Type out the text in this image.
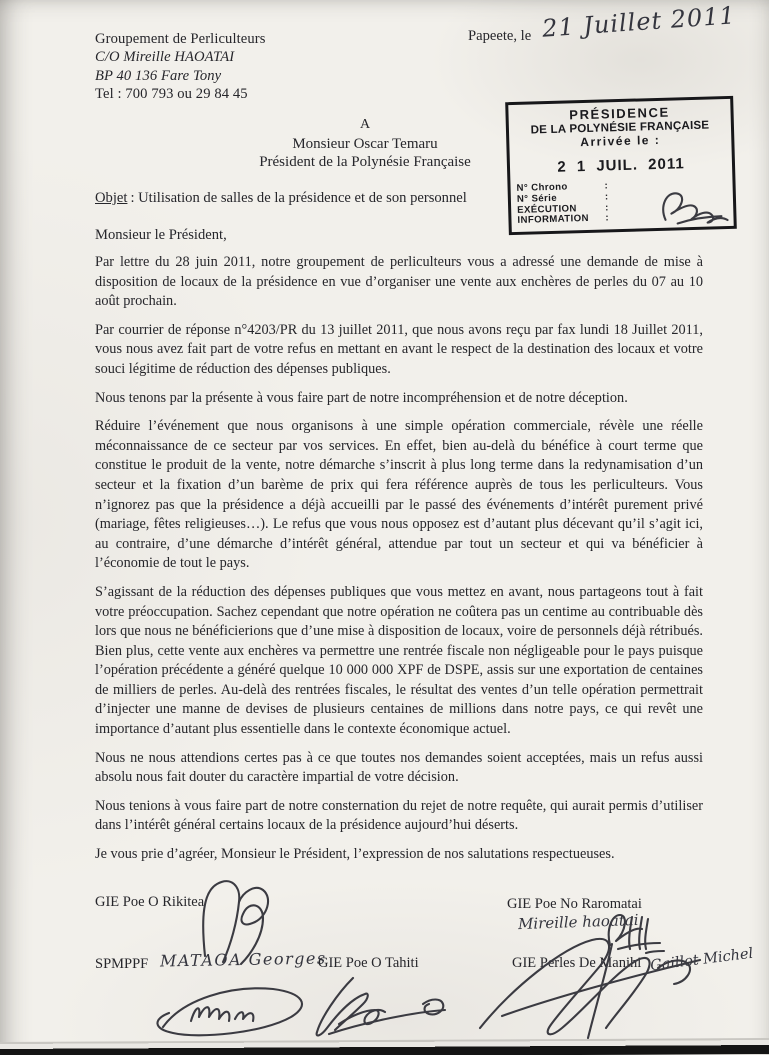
Groupement de Perliculteurs
C/O Mireille HAOATAI
BP 40 136 Fare Tony
Tel : 700 793 ou 29 84 45
Papeete, le 21 Juillet 2011
PRÉSIDENCE
DE LA POLYNÉSIE FRANÇAISE
Arrivée le :
2 1 JUIL. 2011
N° Chrono	:
N° Série	:
EXÉCUTION	:
INFORMATION :
A
Monsieur Oscar Temaru
Président de la Polynésie Française
Objet : Utilisation de salles de la présidence et de son personnel
Monsieur le Président,

Par lettre du 28 juin 2011, notre groupement de perliculteurs vous a adressé une demande de mise à disposition de locaux de la présidence en vue d’organiser une vente aux enchères de perles du 07 au 10 août prochain.

Par courrier de réponse n°4203/PR du 13 juillet 2011, que nous avons reçu par fax lundi 18 Juillet 2011, vous nous avez fait part de votre refus en mettant en avant le respect de la destination des locaux et votre souci légitime de réduction des dépenses publiques.

Nous tenons par la présente à vous faire part de notre incompréhension et de notre déception.

Réduire l’événement que nous organisons à une simple opération commerciale, révèle une réelle méconnaissance de ce secteur par vos services. En effet, bien au-delà du bénéfice à court terme que constitue le produit de la vente, notre démarche s’inscrit à plus long terme dans la redynamisation d’un secteur et la fixation d’un barème de prix qui fera référence auprès de tous les perliculteurs. Vous n’ignorez pas que la présidence a déjà accueilli par le passé des événements d’intérêt purement privé (mariage, fêtes religieuses…). Le refus que vous nous opposez est d’autant plus décevant qu’il s’agit ici, au contraire, d’une démarche d’intérêt général, attendue par tout un secteur et qui va bénéficier à l’économie de tout le pays.

S’agissant de la réduction des dépenses publiques que vous mettez en avant, nous partageons tout à fait votre préoccupation. Sachez cependant que notre opération ne coûtera pas un centime au contribuable dès lors que nous ne bénéficierions que d’une mise à disposition de locaux, voire de personnels déjà rétribués. Bien plus, cette vente aux enchères va permettre une rentrée fiscale non négligeable pour le pays puisque l’opération précédente a généré quelque 10 000 000 XPF de DSPE, assis sur une exportation de centaines de milliers de perles. Au-delà des rentrées fiscales, le résultat des ventes d’un telle opération permettrait d’injecter une manne de devises de plusieurs centaines de millions dans notre pays, ce qui revêt une importance d’autant plus essentielle dans le contexte économique actuel.

Nous ne nous attendions certes pas à ce que toutes nos demandes soient acceptées, mais un refus aussi absolu nous fait douter du caractère impartial de votre décision.

Nous tenions à vous faire part de notre consternation du rejet de notre requête, qui aurait permis d’utiliser dans l’intérêt général certains locaux de la présidence aujourd’hui déserts.

Je vous prie d’agréer, Monsieur le Président, l’expression de nos salutations respectueuses.

GIE Poe O Rikitea	GIE Poe No Raromatai
Mireille haoatai
SPMPPF MATAOA Georges
GIE Poe O Tahiti	GIE Perles De Manihi Gaillot Michel
